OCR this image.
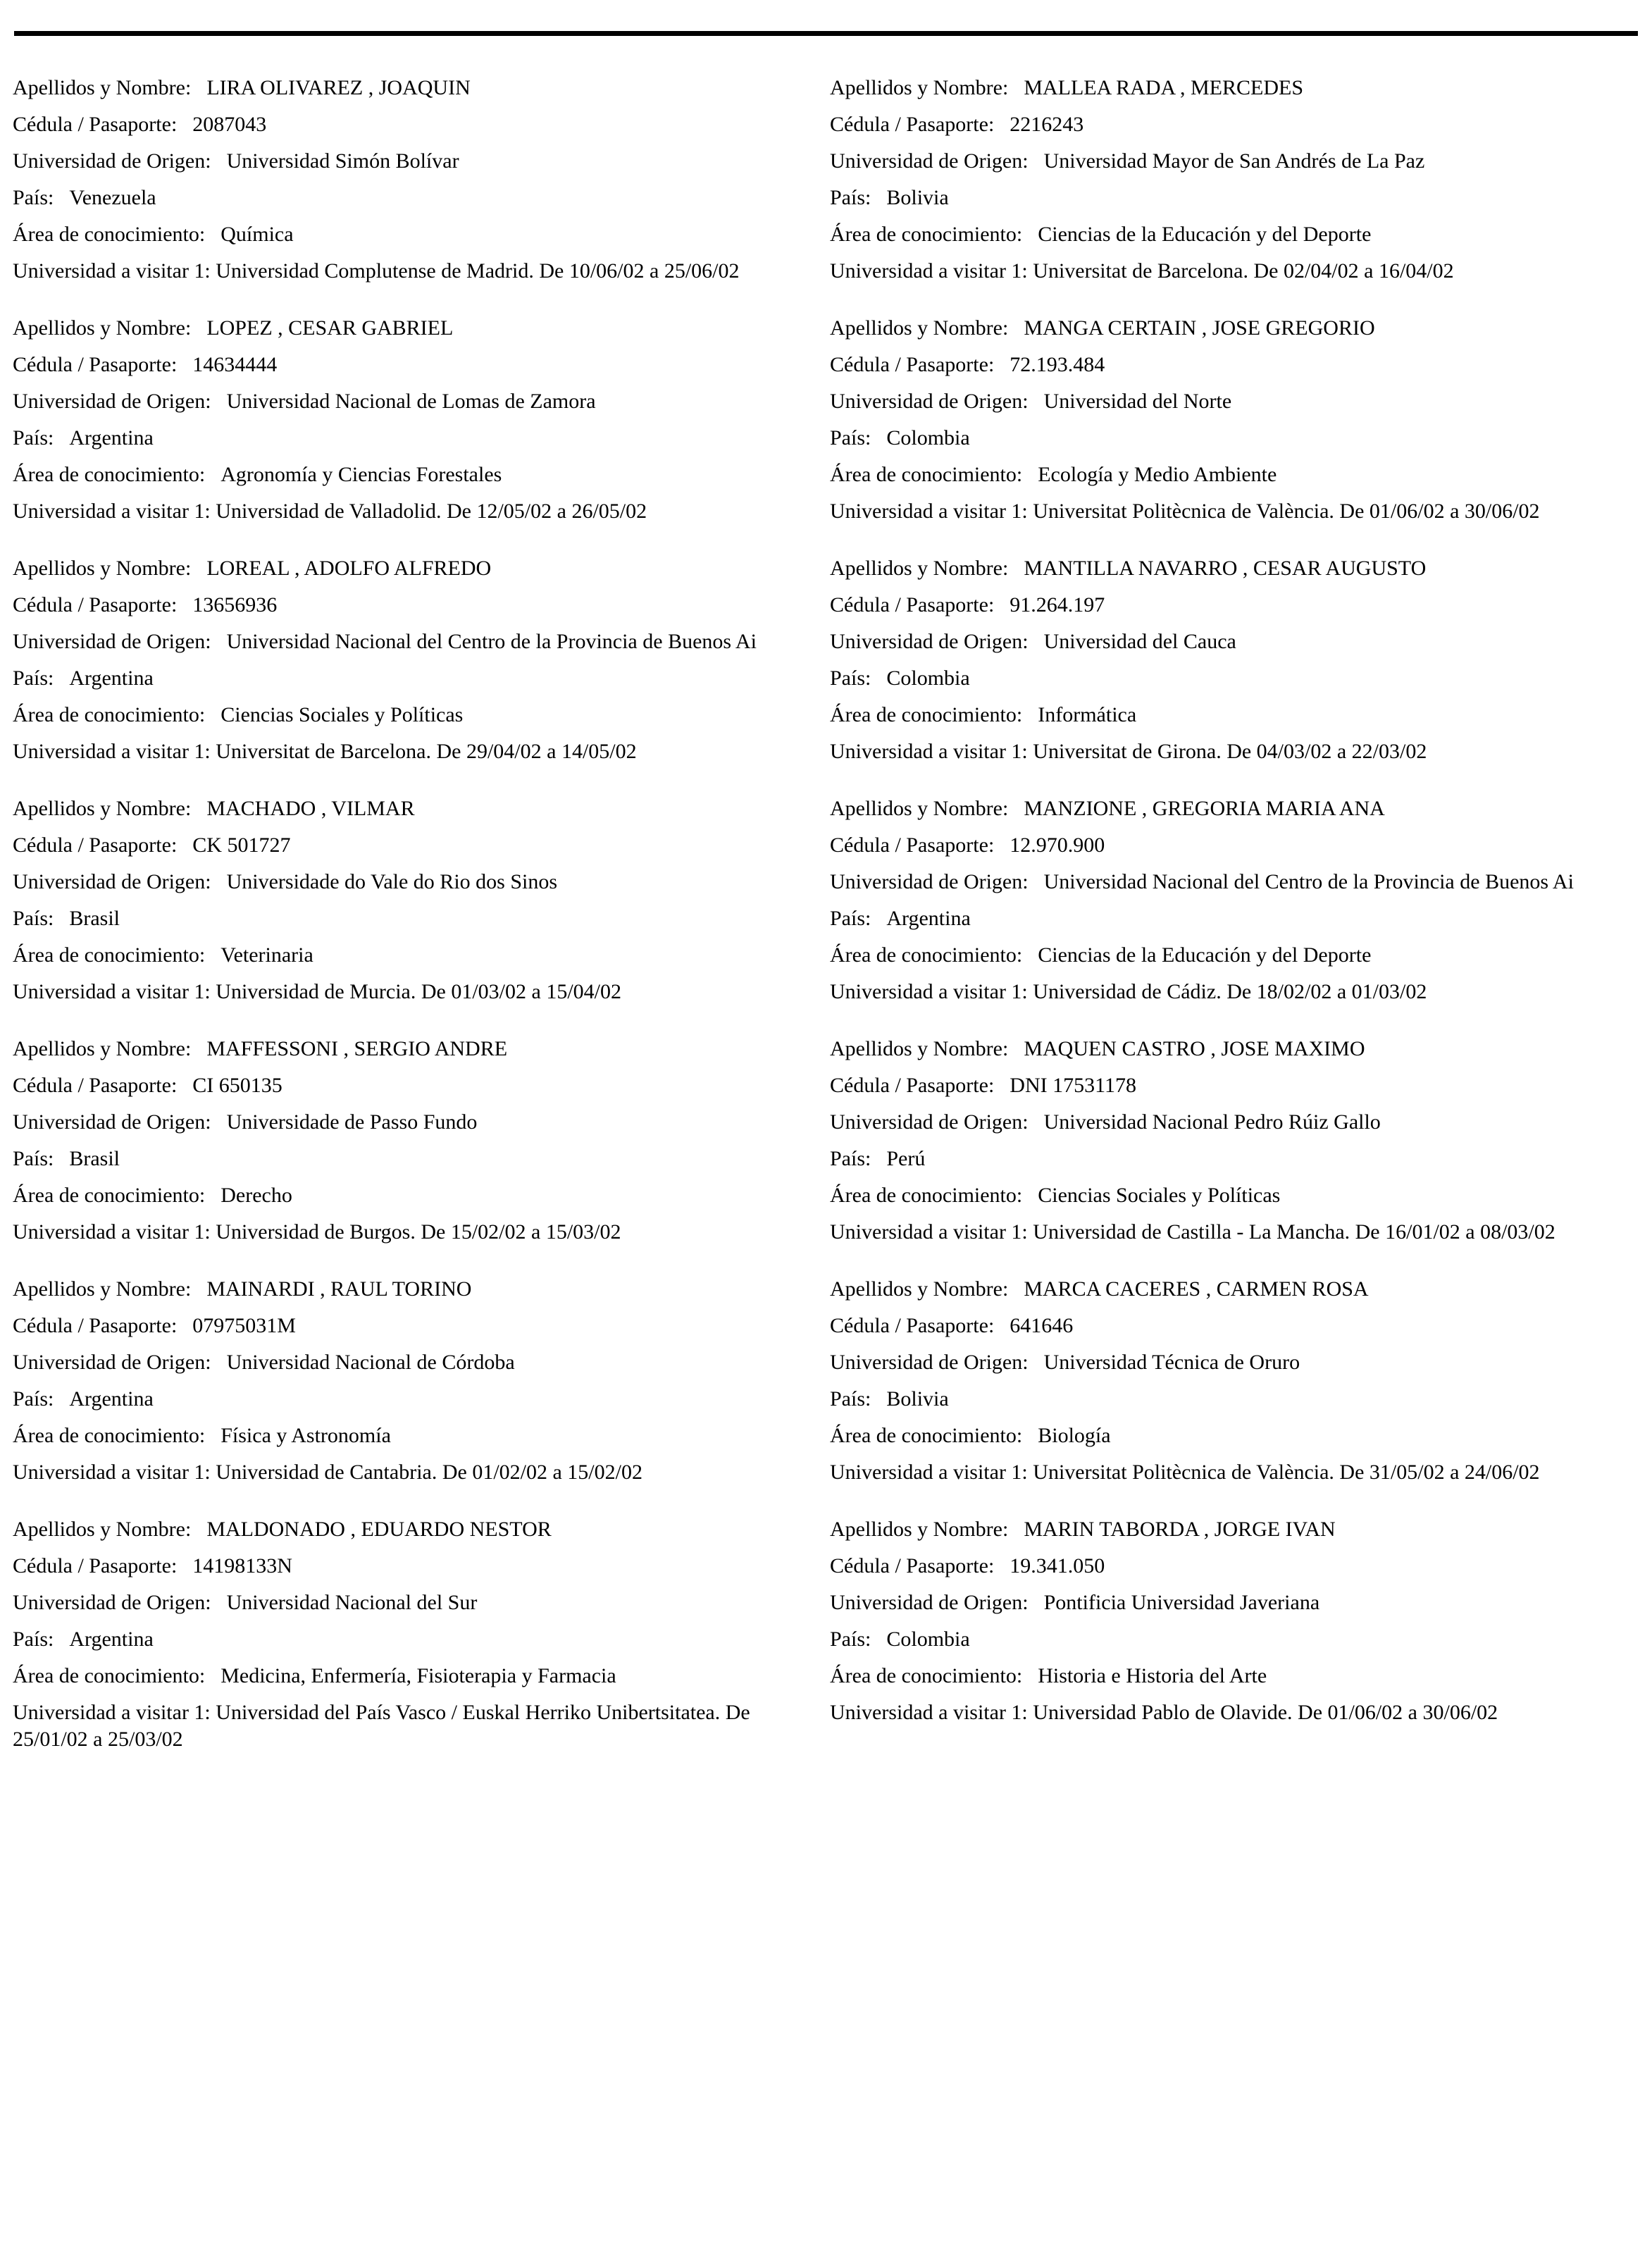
Apellidos y Nombre: LIRA OLIVAREZ , JOAQUIN
Cédula / Pasaporte: 2087043
Universidad de Origen: Universidad Simón Bolívar
País: Venezuela
Área de conocimiento: Química
Universidad a visitar 1: Universidad Complutense de Madrid. De 10/06/02 a 25/06/02
Apellidos y Nombre: LOPEZ , CESAR GABRIEL
Cédula / Pasaporte: 14634444
Universidad de Origen: Universidad Nacional de Lomas de Zamora
País: Argentina
Área de conocimiento: Agronomía y Ciencias Forestales
Universidad a visitar 1: Universidad de Valladolid. De 12/05/02 a 26/05/02
Apellidos y Nombre: LOREAL , ADOLFO ALFREDO
Cédula / Pasaporte: 13656936
Universidad de Origen: Universidad Nacional del Centro de la Provincia de Buenos Ai
País: Argentina
Área de conocimiento: Ciencias Sociales y Políticas
Universidad a visitar 1: Universitat de Barcelona. De 29/04/02 a 14/05/02
Apellidos y Nombre: MACHADO , VILMAR
Cédula / Pasaporte: CK 501727
Universidad de Origen: Universidade do Vale do Rio dos Sinos
País: Brasil
Área de conocimiento: Veterinaria
Universidad a visitar 1: Universidad de Murcia. De 01/03/02 a 15/04/02
Apellidos y Nombre: MAFFESSONI , SERGIO ANDRE
Cédula / Pasaporte: CI 650135
Universidad de Origen: Universidade de Passo Fundo
País: Brasil
Área de conocimiento: Derecho
Universidad a visitar 1: Universidad de Burgos. De 15/02/02 a 15/03/02
Apellidos y Nombre: MAINARDI , RAUL TORINO
Cédula / Pasaporte: 07975031M
Universidad de Origen: Universidad Nacional de Córdoba
País: Argentina
Área de conocimiento: Física y Astronomía
Universidad a visitar 1: Universidad de Cantabria. De 01/02/02 a 15/02/02
Apellidos y Nombre: MALDONADO , EDUARDO NESTOR
Cédula / Pasaporte: 14198133N
Universidad de Origen: Universidad Nacional del Sur
País: Argentina
Área de conocimiento: Medicina, Enfermería, Fisioterapia y Farmacia
Universidad a visitar 1: Universidad del País Vasco / Euskal Herriko Unibertsitatea. De 25/01/02 a 25/03/02
Apellidos y Nombre: MALLEA RADA , MERCEDES
Cédula / Pasaporte: 2216243
Universidad de Origen: Universidad Mayor de San Andrés de La Paz
País: Bolivia
Área de conocimiento: Ciencias de la Educación y del Deporte
Universidad a visitar 1: Universitat de Barcelona. De 02/04/02 a 16/04/02
Apellidos y Nombre: MANGA CERTAIN , JOSE GREGORIO
Cédula / Pasaporte: 72.193.484
Universidad de Origen: Universidad del Norte
País: Colombia
Área de conocimiento: Ecología y Medio Ambiente
Universidad a visitar 1: Universitat Politècnica de València. De 01/06/02 a 30/06/02
Apellidos y Nombre: MANTILLA NAVARRO , CESAR AUGUSTO
Cédula / Pasaporte: 91.264.197
Universidad de Origen: Universidad del Cauca
País: Colombia
Área de conocimiento: Informática
Universidad a visitar 1: Universitat de Girona. De 04/03/02 a 22/03/02
Apellidos y Nombre: MANZIONE , GREGORIA MARIA ANA
Cédula / Pasaporte: 12.970.900
Universidad de Origen: Universidad Nacional del Centro de la Provincia de Buenos Ai
País: Argentina
Área de conocimiento: Ciencias de la Educación y del Deporte
Universidad a visitar 1: Universidad de Cádiz. De 18/02/02 a 01/03/02
Apellidos y Nombre: MAQUEN CASTRO , JOSE MAXIMO
Cédula / Pasaporte: DNI 17531178
Universidad de Origen: Universidad Nacional Pedro Rúiz Gallo
País: Perú
Área de conocimiento: Ciencias Sociales y Políticas
Universidad a visitar 1: Universidad de Castilla - La Mancha. De 16/01/02 a 08/03/02
Apellidos y Nombre: MARCA CACERES , CARMEN ROSA
Cédula / Pasaporte: 641646
Universidad de Origen: Universidad Técnica de Oruro
País: Bolivia
Área de conocimiento: Biología
Universidad a visitar 1: Universitat Politècnica de València. De 31/05/02 a 24/06/02
Apellidos y Nombre: MARIN TABORDA , JORGE IVAN
Cédula / Pasaporte: 19.341.050
Universidad de Origen: Pontificia Universidad Javeriana
País: Colombia
Área de conocimiento: Historia e Historia del Arte
Universidad a visitar 1: Universidad Pablo de Olavide. De 01/06/02 a 30/06/02
